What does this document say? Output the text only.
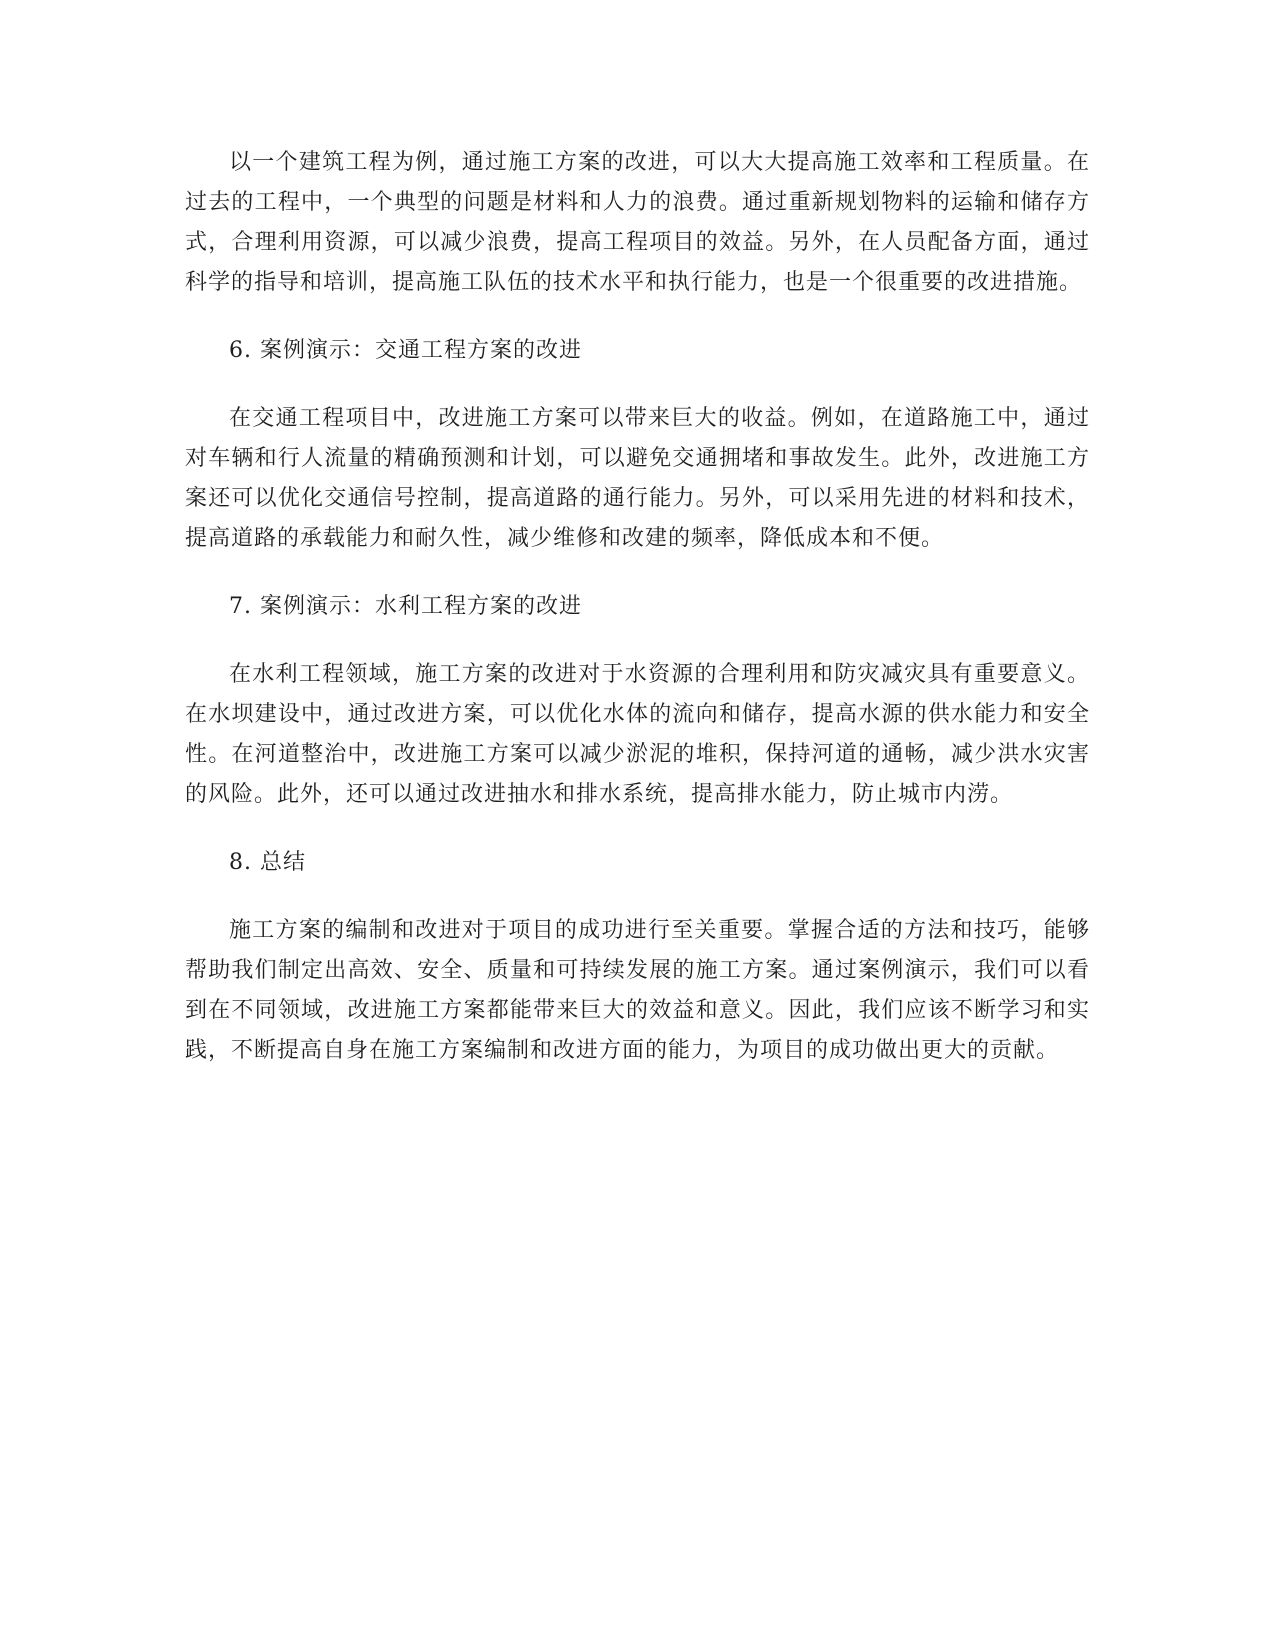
以一个建筑工程为例，通过施工方案的改进，可以大大提高施工效率和工程质量。在过去的工程中，一个典型的问题是材料和人力的浪费。通过重新规划物料的运输和储存方式，合理利用资源，可以减少浪费，提高工程项目的效益。另外，在人员配备方面，通过科学的指导和培训，提高施工队伍的技术水平和执行能力，也是一个很重要的改进措施。

6. 案例演示：交通工程方案的改进

在交通工程项目中，改进施工方案可以带来巨大的收益。例如，在道路施工中，通过对车辆和行人流量的精确预测和计划，可以避免交通拥堵和事故发生。此外，改进施工方案还可以优化交通信号控制，提高道路的通行能力。另外，可以采用先进的材料和技术，提高道路的承载能力和耐久性，减少维修和改建的频率，降低成本和不便。

7. 案例演示：水利工程方案的改进

在水利工程领域，施工方案的改进对于水资源的合理利用和防灾减灾具有重要意义。在水坝建设中，通过改进方案，可以优化水体的流向和储存，提高水源的供水能力和安全性。在河道整治中，改进施工方案可以减少淤泥的堆积，保持河道的通畅，减少洪水灾害的风险。此外，还可以通过改进抽水和排水系统，提高排水能力，防止城市内涝。

8. 总结

施工方案的编制和改进对于项目的成功进行至关重要。掌握合适的方法和技巧，能够帮助我们制定出高效、安全、质量和可持续发展的施工方案。通过案例演示，我们可以看到在不同领域，改进施工方案都能带来巨大的效益和意义。因此，我们应该不断学习和实践，不断提高自身在施工方案编制和改进方面的能力，为项目的成功做出更大的贡献。
